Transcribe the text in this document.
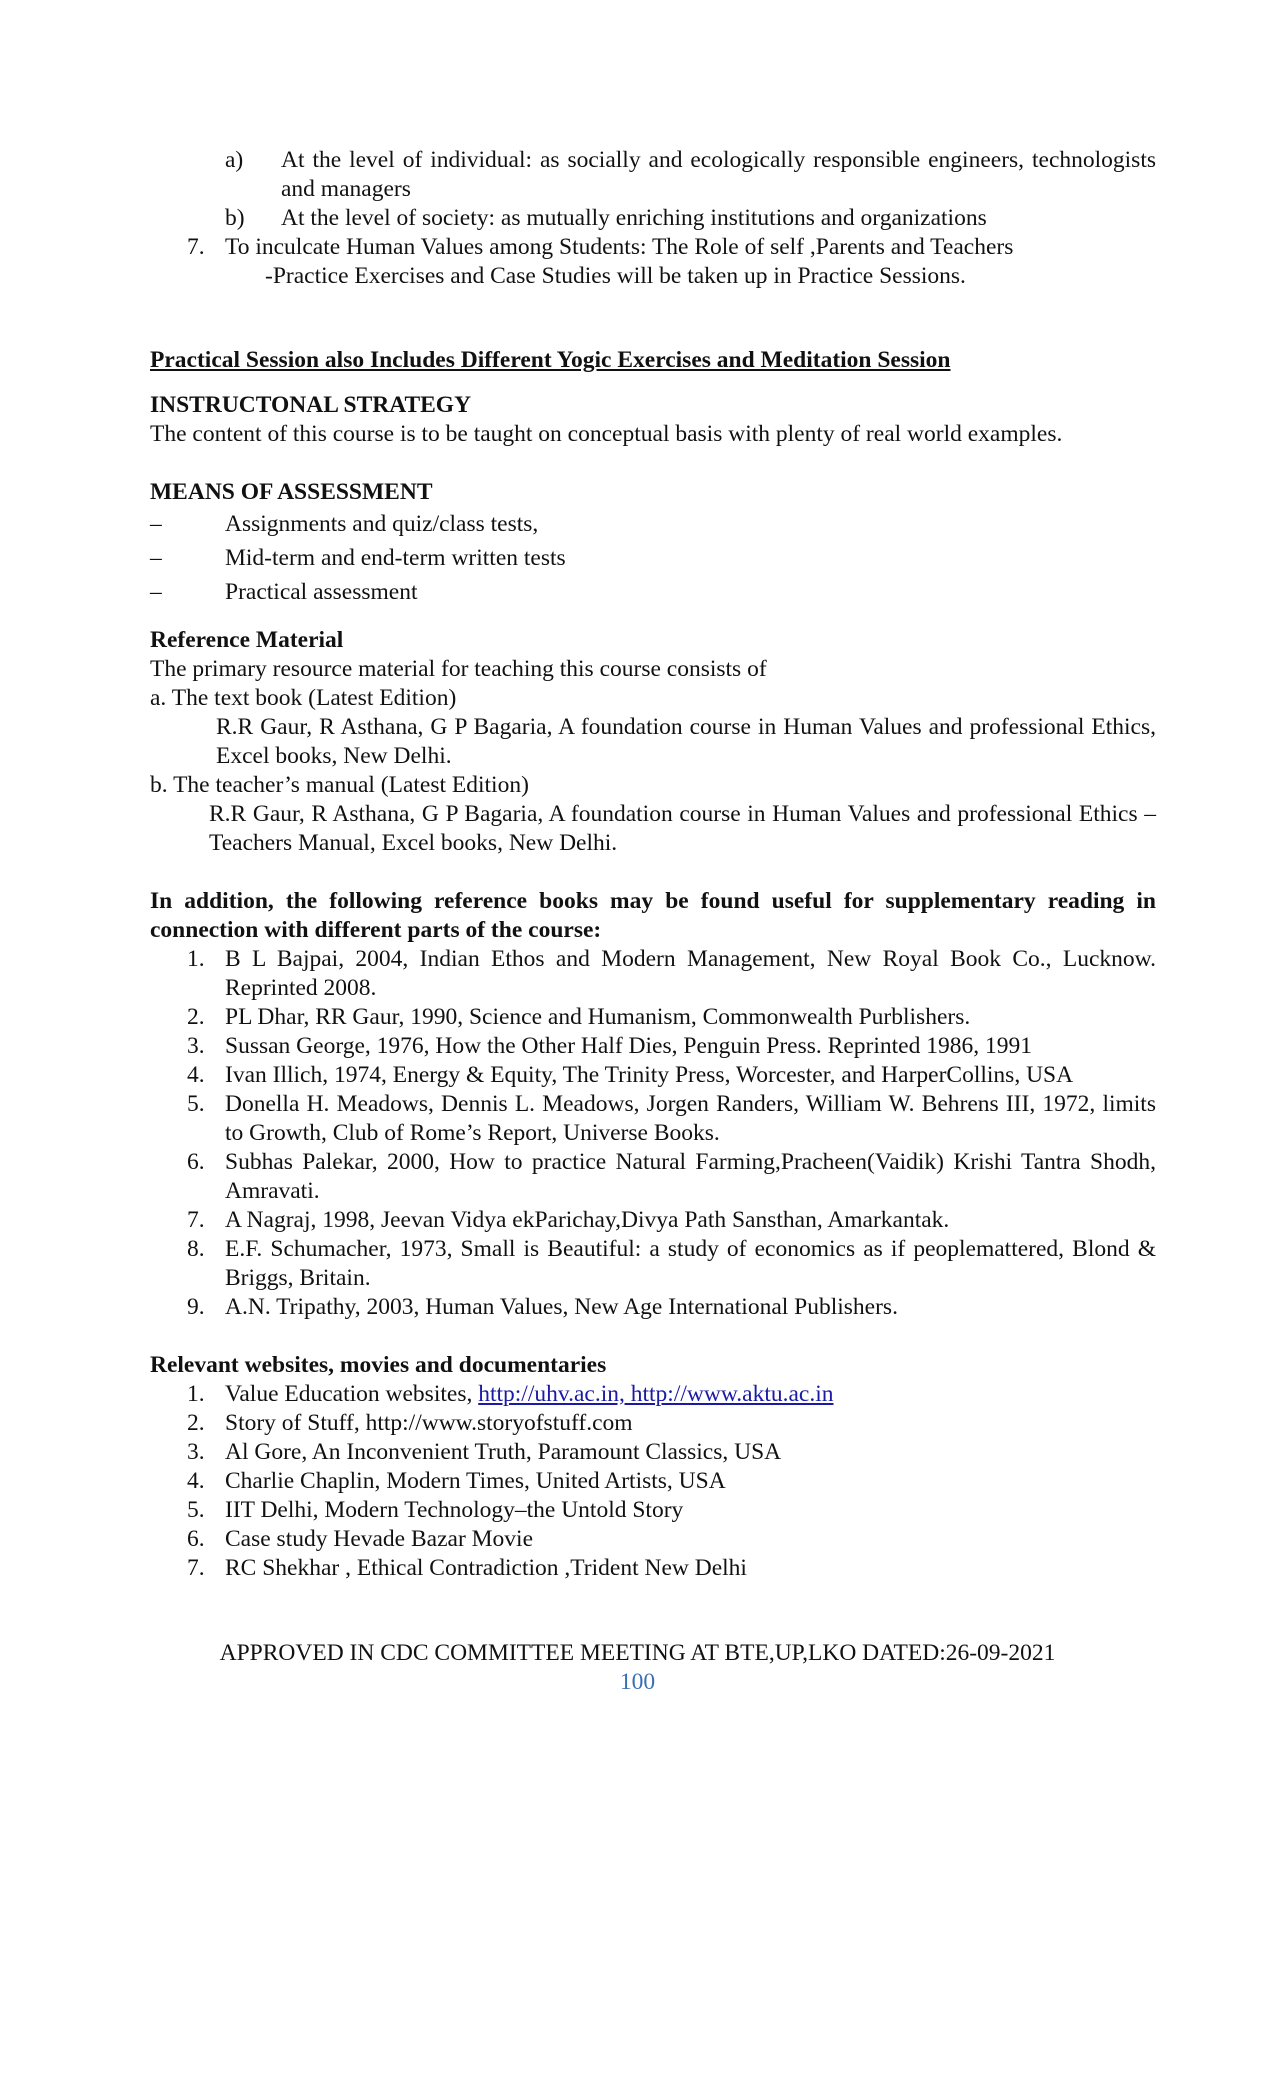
a)	At the level of individual: as socially and ecologically responsible engineers, technologists and managers
b)	At the level of society: as mutually enriching institutions and organizations
7. To inculcate Human Values among Students: The Role of self ,Parents and Teachers
-Practice Exercises and Case Studies will be taken up in Practice Sessions.
Practical Session also Includes Different Yogic Exercises and Meditation Session
INSTRUCTONAL STRATEGY
The content of this course is to be taught on conceptual basis with plenty of real world examples.
MEANS OF ASSESSMENT
–	Assignments and quiz/class tests,
–	Mid-term and end-term written tests
–	Practical assessment
Reference Material
The primary resource material for teaching this course consists of
a. The text book (Latest Edition)
R.R Gaur, R Asthana, G P Bagaria, A foundation course in Human Values and professional Ethics, Excel books, New Delhi.
b. The teacher’s manual (Latest Edition)
R.R Gaur, R Asthana, G P Bagaria, A foundation course in Human Values and professional Ethics – Teachers Manual, Excel books, New Delhi.
In addition, the following reference books may be found useful for supplementary reading in connection with different parts of the course:
1. B L Bajpai, 2004, Indian Ethos and Modern Management, New Royal Book Co., Lucknow. Reprinted 2008.
2. PL Dhar, RR Gaur, 1990, Science and Humanism, Commonwealth Purblishers.
3. Sussan George, 1976, How the Other Half Dies, Penguin Press. Reprinted 1986, 1991
4. Ivan Illich, 1974, Energy & Equity, The Trinity Press, Worcester, and HarperCollins, USA
5. Donella H. Meadows, Dennis L. Meadows, Jorgen Randers, William W. Behrens III, 1972, limits to Growth, Club of Rome’s Report, Universe Books.
6. Subhas Palekar, 2000, How to practice Natural Farming,Pracheen(Vaidik) Krishi Tantra Shodh, Amravati.
7. A Nagraj, 1998, Jeevan Vidya ekParichay,Divya Path Sansthan, Amarkantak.
8. E.F. Schumacher, 1973, Small is Beautiful: a study of economics as if peoplemattered, Blond & Briggs, Britain.
9. A.N. Tripathy, 2003, Human Values, New Age International Publishers.
Relevant websites, movies and documentaries
1. Value Education websites, http://uhv.ac.in, http://www.aktu.ac.in
2. Story of Stuff, http://www.storyofstuff.com
3. Al Gore, An Inconvenient Truth, Paramount Classics, USA
4. Charlie Chaplin, Modern Times, United Artists, USA
5. IIT Delhi, Modern Technology–the Untold Story
6. Case study Hevade Bazar Movie
7. RC Shekhar , Ethical Contradiction ,Trident New Delhi
APPROVED IN CDC COMMITTEE MEETING AT BTE,UP,LKO DATED:26-09-2021
100
